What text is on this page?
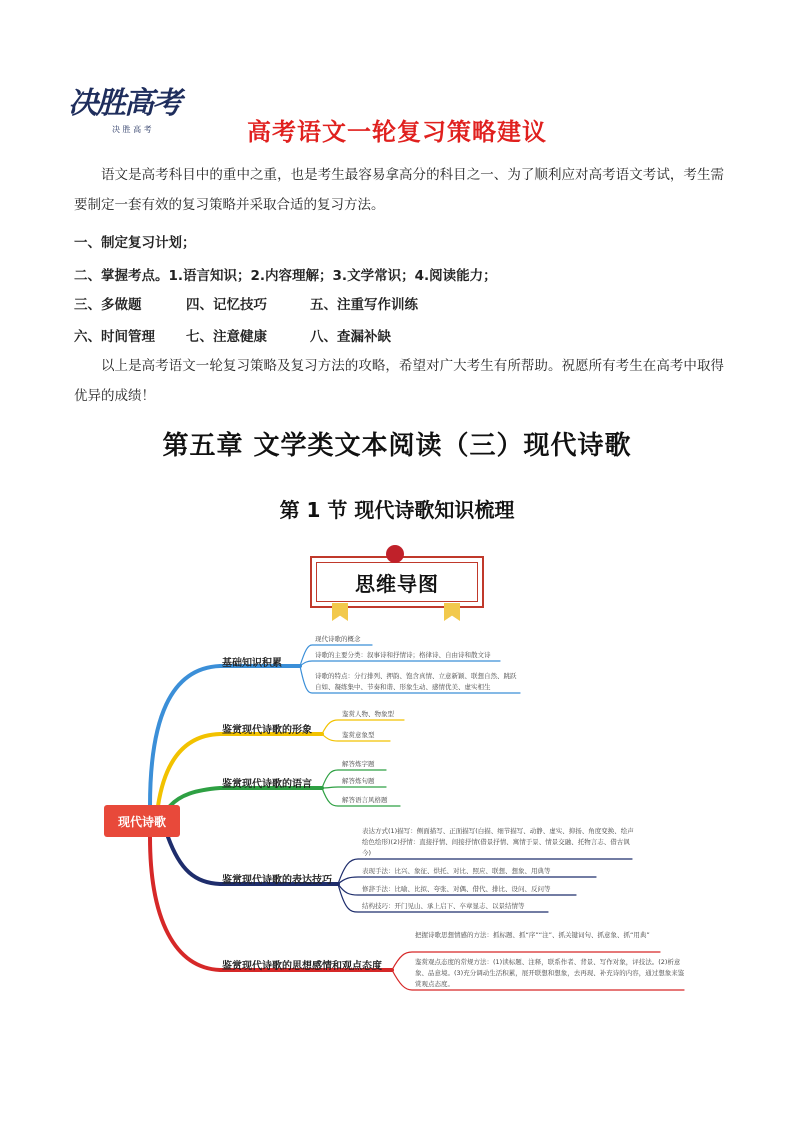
决胜高考
决 胜 高 考	高考语文一轮复习策略建议
语文是高考科目中的重中之重，也是考生最容易拿高分的科目之一、为了顺利应对高考语文考试，考生需要制定一套有效的复习策略并采取合适的复习方法。
一、制定复习计划；
二、掌握考点。1.语言知识；2.内容理解；3.文学常识；4.阅读能力；
三、多做题	四、记忆技巧	五、注重写作训练
六、时间管理 七、注意健康	八、查漏补缺
以上是高考语文一轮复习策略及复习方法的攻略，希望对广大考生有所帮助。祝愿所有考生在高考中取得优异的成绩！
第五章 文学类文本阅读（三）现代诗歌
第 1 节 现代诗歌知识梳理
思维导图
现代诗歌
基础知识积累
鉴赏现代诗歌的形象
鉴赏现代诗歌的语言
鉴赏现代诗歌的表达技巧
鉴赏现代诗歌的思想感情和观点态度
现代诗歌的概念
诗歌的主要分类：叙事诗和抒情诗；格律诗、自由诗和散文诗
诗歌的特点：分行排列、押韵、饱含真情、立意新颖、联想自然、跳跃自如、凝练集中、节奏和谐、形象生动、感情优美、虚实相生
鉴赏人物、物象型
鉴赏意象型
解答炼字题
解答炼句题
解答语言风格题
表达方式(1)描写：侧面描写、正面描写(白描、细节描写、动静、虚实、抑扬、角度变换、绘声绘色绘形)(2)抒情：直接抒情、间接抒情(借景抒情、寓情于景、情景交融、托物言志、借古讽今)
表现手法：比兴、象征、烘托、对比、照应、联想、想象、用典等
修辞手法：比喻、比拟、夸张、对偶、借代、排比、设问、反问等
结构技巧：开门见山、承上启下、卒章显志、以景结情等
把握诗歌思想情感的方法：抓标题、抓“序”“注”、抓关键词句、抓意象、抓“用典”
鉴赏观点态度的常规方法：(1)读标题、注释，联系作者、背景、写作对象，评技法。(2)析意象、品意境。(3)充分调动生活积累，展开联想和想象，去再现、补充诗的内容，通过想象来鉴赏观点态度。
